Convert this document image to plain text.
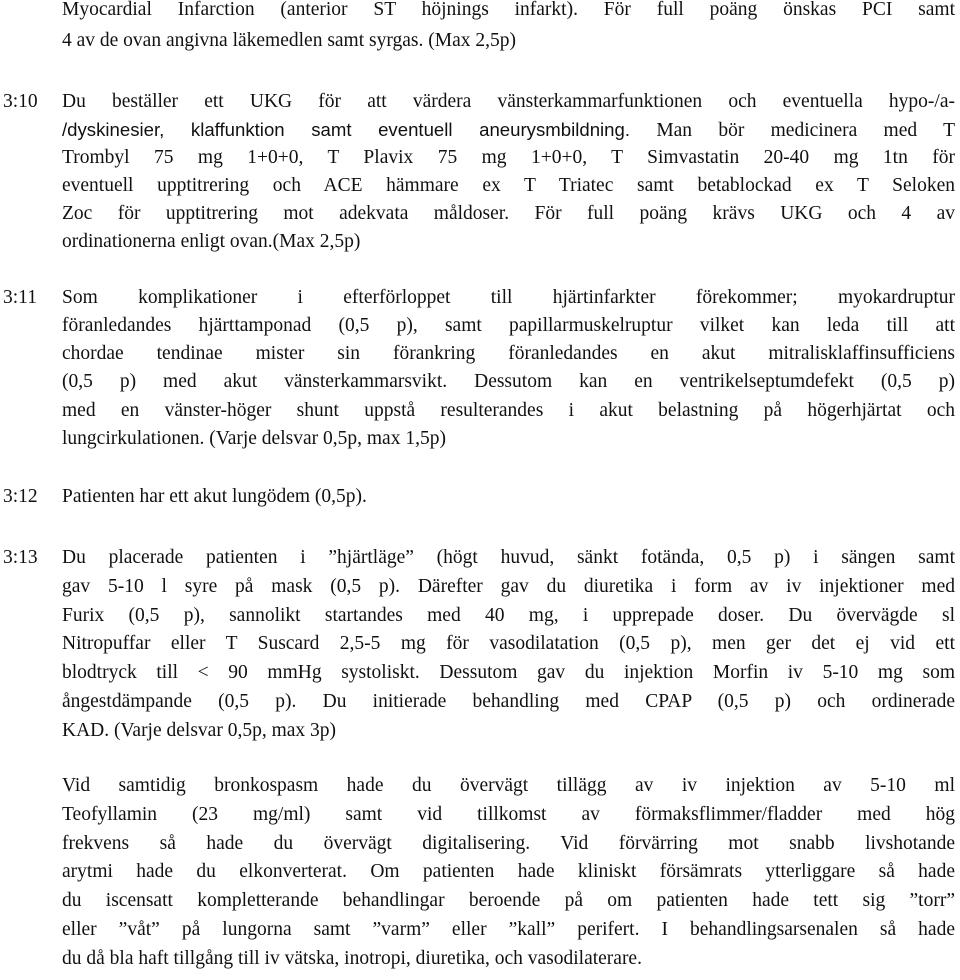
Myocardial Infarction (anterior ST höjnings infarkt). För full poäng önskas PCI samt
4 av de ovan angivna läkemedlen samt syrgas. (Max 2,5p)
3:10 Du beställer ett UKG för att värdera vänsterkammarfunktionen och eventuella hypo-/a-
/dyskinesier, klaffunktion samt eventuell aneurysmbildning. Man bör medicinera med T
Trombyl 75 mg 1+0+0, T Plavix 75 mg 1+0+0, T Simvastatin 20-40 mg 1tn för
eventuell upptitrering och ACE hämmare ex T Triatec samt betablockad ex T Seloken
Zoc för upptitrering mot adekvata måldoser. För full poäng krävs UKG och 4 av
ordinationerna enligt ovan.(Max 2,5p)
3:11 Som komplikationer i efterförloppet till hjärtinfarkter förekommer; myokardruptur
föranledandes hjärttamponad (0,5 p), samt papillarmuskelruptur vilket kan leda till att
chordae tendinae mister sin förankring föranledandes en akut mitralisklaffinsufficiens
(0,5 p) med akut vänsterkammarsvikt. Dessutom kan en ventrikelseptumdefekt (0,5 p)
med en vänster-höger shunt uppstå resulterandes i akut belastning på högerhjärtat och
lungcirkulationen. (Varje delsvar 0,5p, max 1,5p)
3:12 Patienten har ett akut lungödem (0,5p).
3:13 Du placerade patienten i ”hjärtläge” (högt huvud, sänkt fotända, 0,5 p) i sängen samt
gav 5-10 l syre på mask (0,5 p). Därefter gav du diuretika i form av iv injektioner med
Furix (0,5 p), sannolikt startandes med 40 mg, i upprepade doser. Du övervägde sl
Nitropuffar eller T Suscard 2,5-5 mg för vasodilatation (0,5 p), men ger det ej vid ett
blodtryck till < 90 mmHg systoliskt. Dessutom gav du injektion Morfin iv 5-10 mg som
ångestdämpande (0,5 p). Du initierade behandling med CPAP (0,5 p) och ordinerade
KAD. (Varje delsvar 0,5p, max 3p)
Vid samtidig bronkospasm hade du övervägt tillägg av iv injektion av 5-10 ml
Teofyllamin (23 mg/ml) samt vid tillkomst av förmaksflimmer/fladder med hög
frekvens så hade du övervägt digitalisering. Vid förvärring mot snabb livshotande
arytmi hade du elkonverterat. Om patienten hade kliniskt försämrats ytterliggare så hade
du iscensatt kompletterande behandlingar beroende på om patienten hade tett sig ”torr”
eller ”våt” på lungorna samt ”varm” eller ”kall” perifert. I behandlingsarsenalen så hade
du då bla haft tillgång till iv vätska, inotropi, diuretika, och vasodilaterare.
